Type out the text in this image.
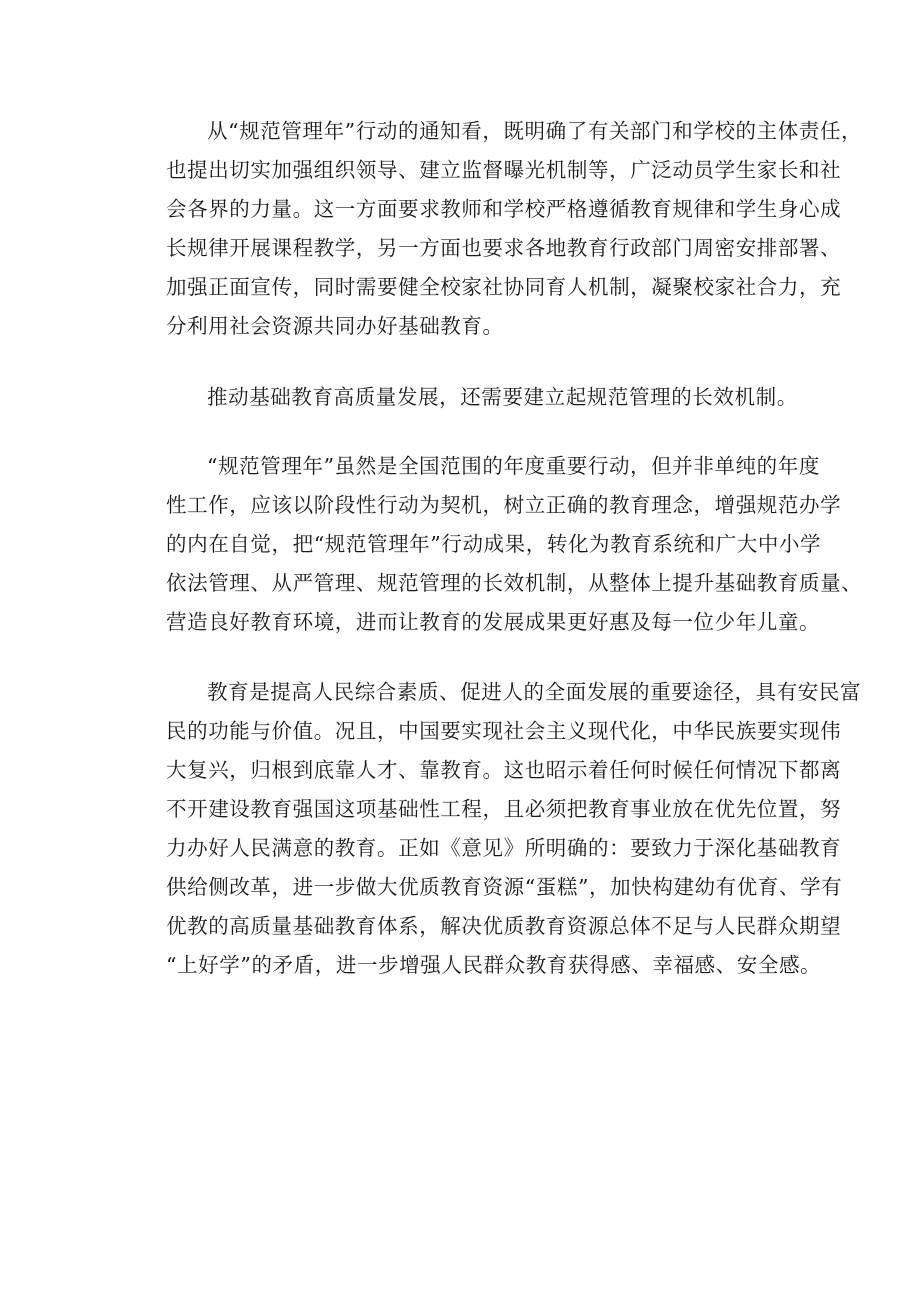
从“规范管理年”行动的通知看，既明确了有关部门和学校的主体责任，
也提出切实加强组织领导、建立监督曝光机制等，广泛动员学生家长和社
会各界的力量。这一方面要求教师和学校严格遵循教育规律和学生身心成
长规律开展课程教学，另一方面也要求各地教育行政部门周密安排部署、
加强正面宣传，同时需要健全校家社协同育人机制，凝聚校家社合力，充
分利用社会资源共同办好基础教育。

推动基础教育高质量发展，还需要建立起规范管理的长效机制。

“规范管理年”虽然是全国范围的年度重要行动，但并非单纯的年度
性工作，应该以阶段性行动为契机，树立正确的教育理念，增强规范办学
的内在自觉，把“规范管理年”行动成果，转化为教育系统和广大中小学
依法管理、从严管理、规范管理的长效机制，从整体上提升基础教育质量、
营造良好教育环境，进而让教育的发展成果更好惠及每一位少年儿童。

教育是提高人民综合素质、促进人的全面发展的重要途径，具有安民富
民的功能与价值。况且，中国要实现社会主义现代化，中华民族要实现伟
大复兴，归根到底靠人才、靠教育。这也昭示着任何时候任何情况下都离
不开建设教育强国这项基础性工程，且必须把教育事业放在优先位置，努
力办好人民满意的教育。正如《意见》所明确的：要致力于深化基础教育
供给侧改革，进一步做大优质教育资源“蛋糕”，加快构建幼有优育、学有
优教的高质量基础教育体系，解决优质教育资源总体不足与人民群众期望
“上好学”的矛盾，进一步增强人民群众教育获得感、幸福感、安全感。
